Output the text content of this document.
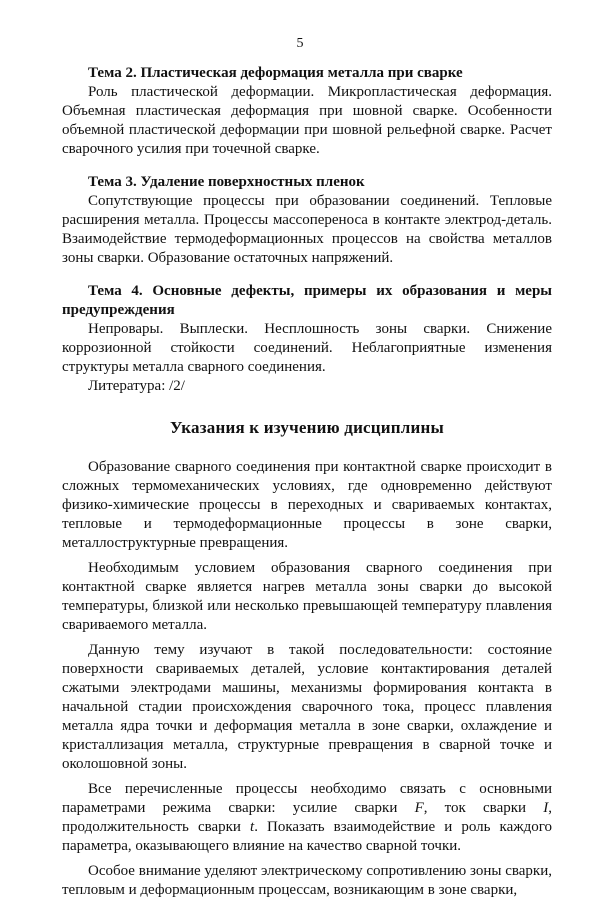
5

Тема 2. Пластическая деформация металла при сварке

Роль пластической деформации. Микропластическая деформация. Объемная пластическая деформация при шовной сварке. Особенности объемной пластической деформации при шовной рельефной сварке. Расчет сварочного усилия при точечной сварке.

Тема 3. Удаление поверхностных пленок

Сопутствующие процессы при образовании соединений. Тепловые расширения металла. Процессы массопереноса в контакте электрод-деталь. Взаимодействие термодеформационных процессов на свойства металлов зоны сварки. Образование остаточных напряжений.

Тема 4. Основные дефекты, примеры их образования и меры предупреждения

Непровары. Выплески. Несплошность зоны сварки. Снижение коррозионной стойкости соединений. Неблагоприятные изменения структуры металла сварного соединения.

Литература: /2/

Указания к изучению дисциплины

Образование сварного соединения при контактной сварке происходит в сложных термомеханических условиях, где одновременно действуют физико-химические процессы в переходных и свариваемых контактах, тепловые и термодеформационные процессы в зоне сварки, металлоструктурные превращения.

Необходимым условием образования сварного соединения при контактной сварке является нагрев металла зоны сварки до высокой температуры, близкой или несколько превышающей температуру плавления свариваемого металла.

Данную тему изучают в такой последовательности: состояние поверхности свариваемых деталей, условие контактирования деталей сжатыми электродами машины, механизмы формирования контакта в начальной стадии происхождения сварочного тока, процесс плавления металла ядра точки и деформация металла в зоне сварки, охлаждение и кристаллизация металла, структурные превращения в сварной точке и околошовной зоны.

Все перечисленные процессы необходимо связать с основными параметрами режима сварки: усилие сварки F, ток сварки I, продолжительность сварки t. Показать взаимодействие и роль каждого параметра, оказывающего влияние на качество сварной точки.

Особое внимание уделяют электрическому сопротивлению зоны сварки, тепловым и деформационным процессам, возникающим в зоне сварки,
